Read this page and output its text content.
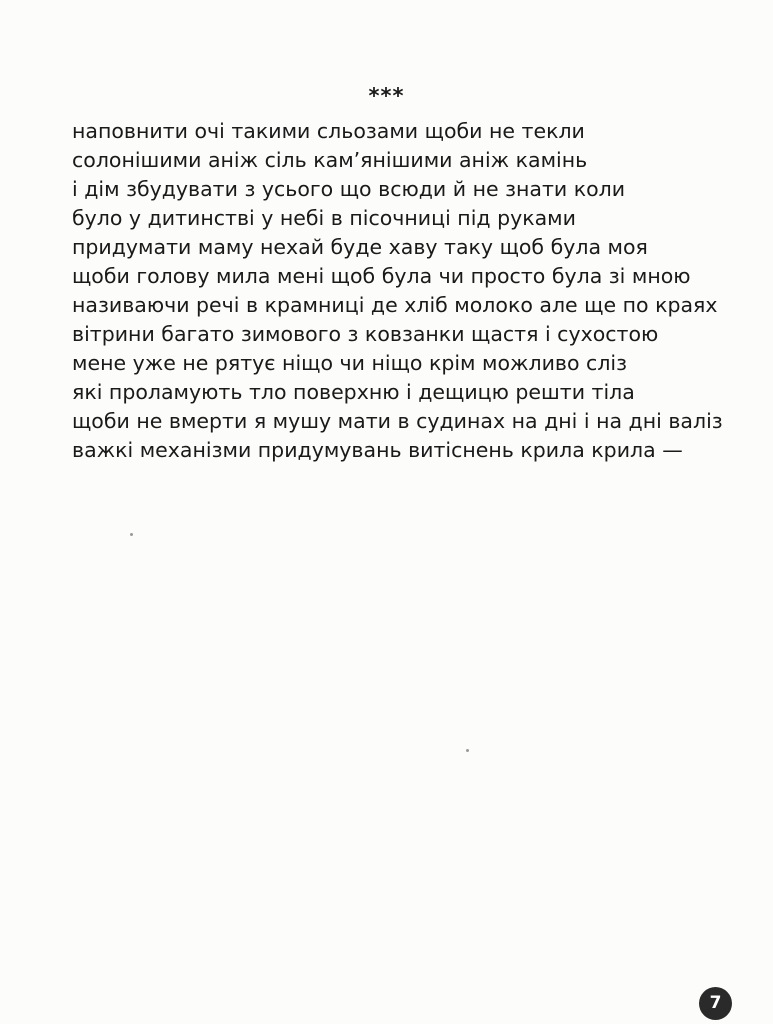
***
наповнити очі такими сльозами щоби не текли
солонішими аніж сіль кам’янішими аніж камінь
і дім збудувати з усього що всюди й не знати коли
було у дитинстві у небі в пісочниці під руками
придумати маму нехай буде хаву таку щоб була моя
щоби голову мила мені щоб була чи просто була зі мною
називаючи речі в крамниці де хліб молоко але ще по краях
вітрини багато зимового з ковзанки щастя і сухостою
мене уже не рятує ніщо чи ніщо крім можливо сліз
які проламують тло поверхню і дещицю решти тіла
щоби не вмерти я мушу мати в судинах на дні і на дні валіз
важкі механізми придумувань витіснень крила крила —
7
